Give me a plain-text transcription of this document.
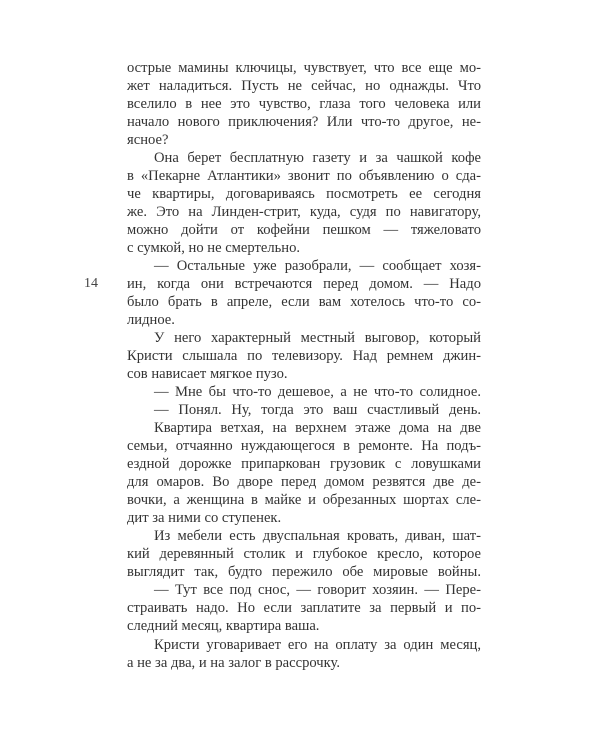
14
острые мамины ключицы, чувствует, что все еще мо-
жет наладиться. Пусть не сейчас, но однажды. Что
вселило в нее это чувство, глаза того человека или
начало нового приключения? Или что-то другое, не-
ясное?
Она берет бесплатную газету и за чашкой кофе
в «Пекарне Атлантики» звонит по объявлению о сда-
че квартиры, договариваясь посмотреть ее сегодня
же. Это на Линден-стрит, куда, судя по навигатору,
можно дойти от кофейни пешком — тяжеловато
с сумкой, но не смертельно.
— Остальные уже разобрали, — сообщает хозя-
ин, когда они встречаются перед домом. — Надо
было брать в апреле, если вам хотелось что-то со-
лидное.
У него характерный местный выговор, который
Кристи слышала по телевизору. Над ремнем джин-
сов нависает мягкое пузо.
— Мне бы что-то дешевое, а не что-то солидное.
— Понял. Ну, тогда это ваш счастливый день.
Квартира ветхая, на верхнем этаже дома на две
семьи, отчаянно нуждающегося в ремонте. На подъ-
ездной дорожке припаркован грузовик с ловушками
для омаров. Во дворе перед домом резвятся две де-
вочки, а женщина в майке и обрезанных шортах сле-
дит за ними со ступенек.
Из мебели есть двуспальная кровать, диван, шат-
кий деревянный столик и глубокое кресло, которое
выглядит так, будто пережило обе мировые войны.
— Тут все под снос, — говорит хозяин. — Пере-
страивать надо. Но если заплатите за первый и по-
следний месяц, квартира ваша.
Кристи уговаривает его на оплату за один месяц,
а не за два, и на залог в рассрочку.
